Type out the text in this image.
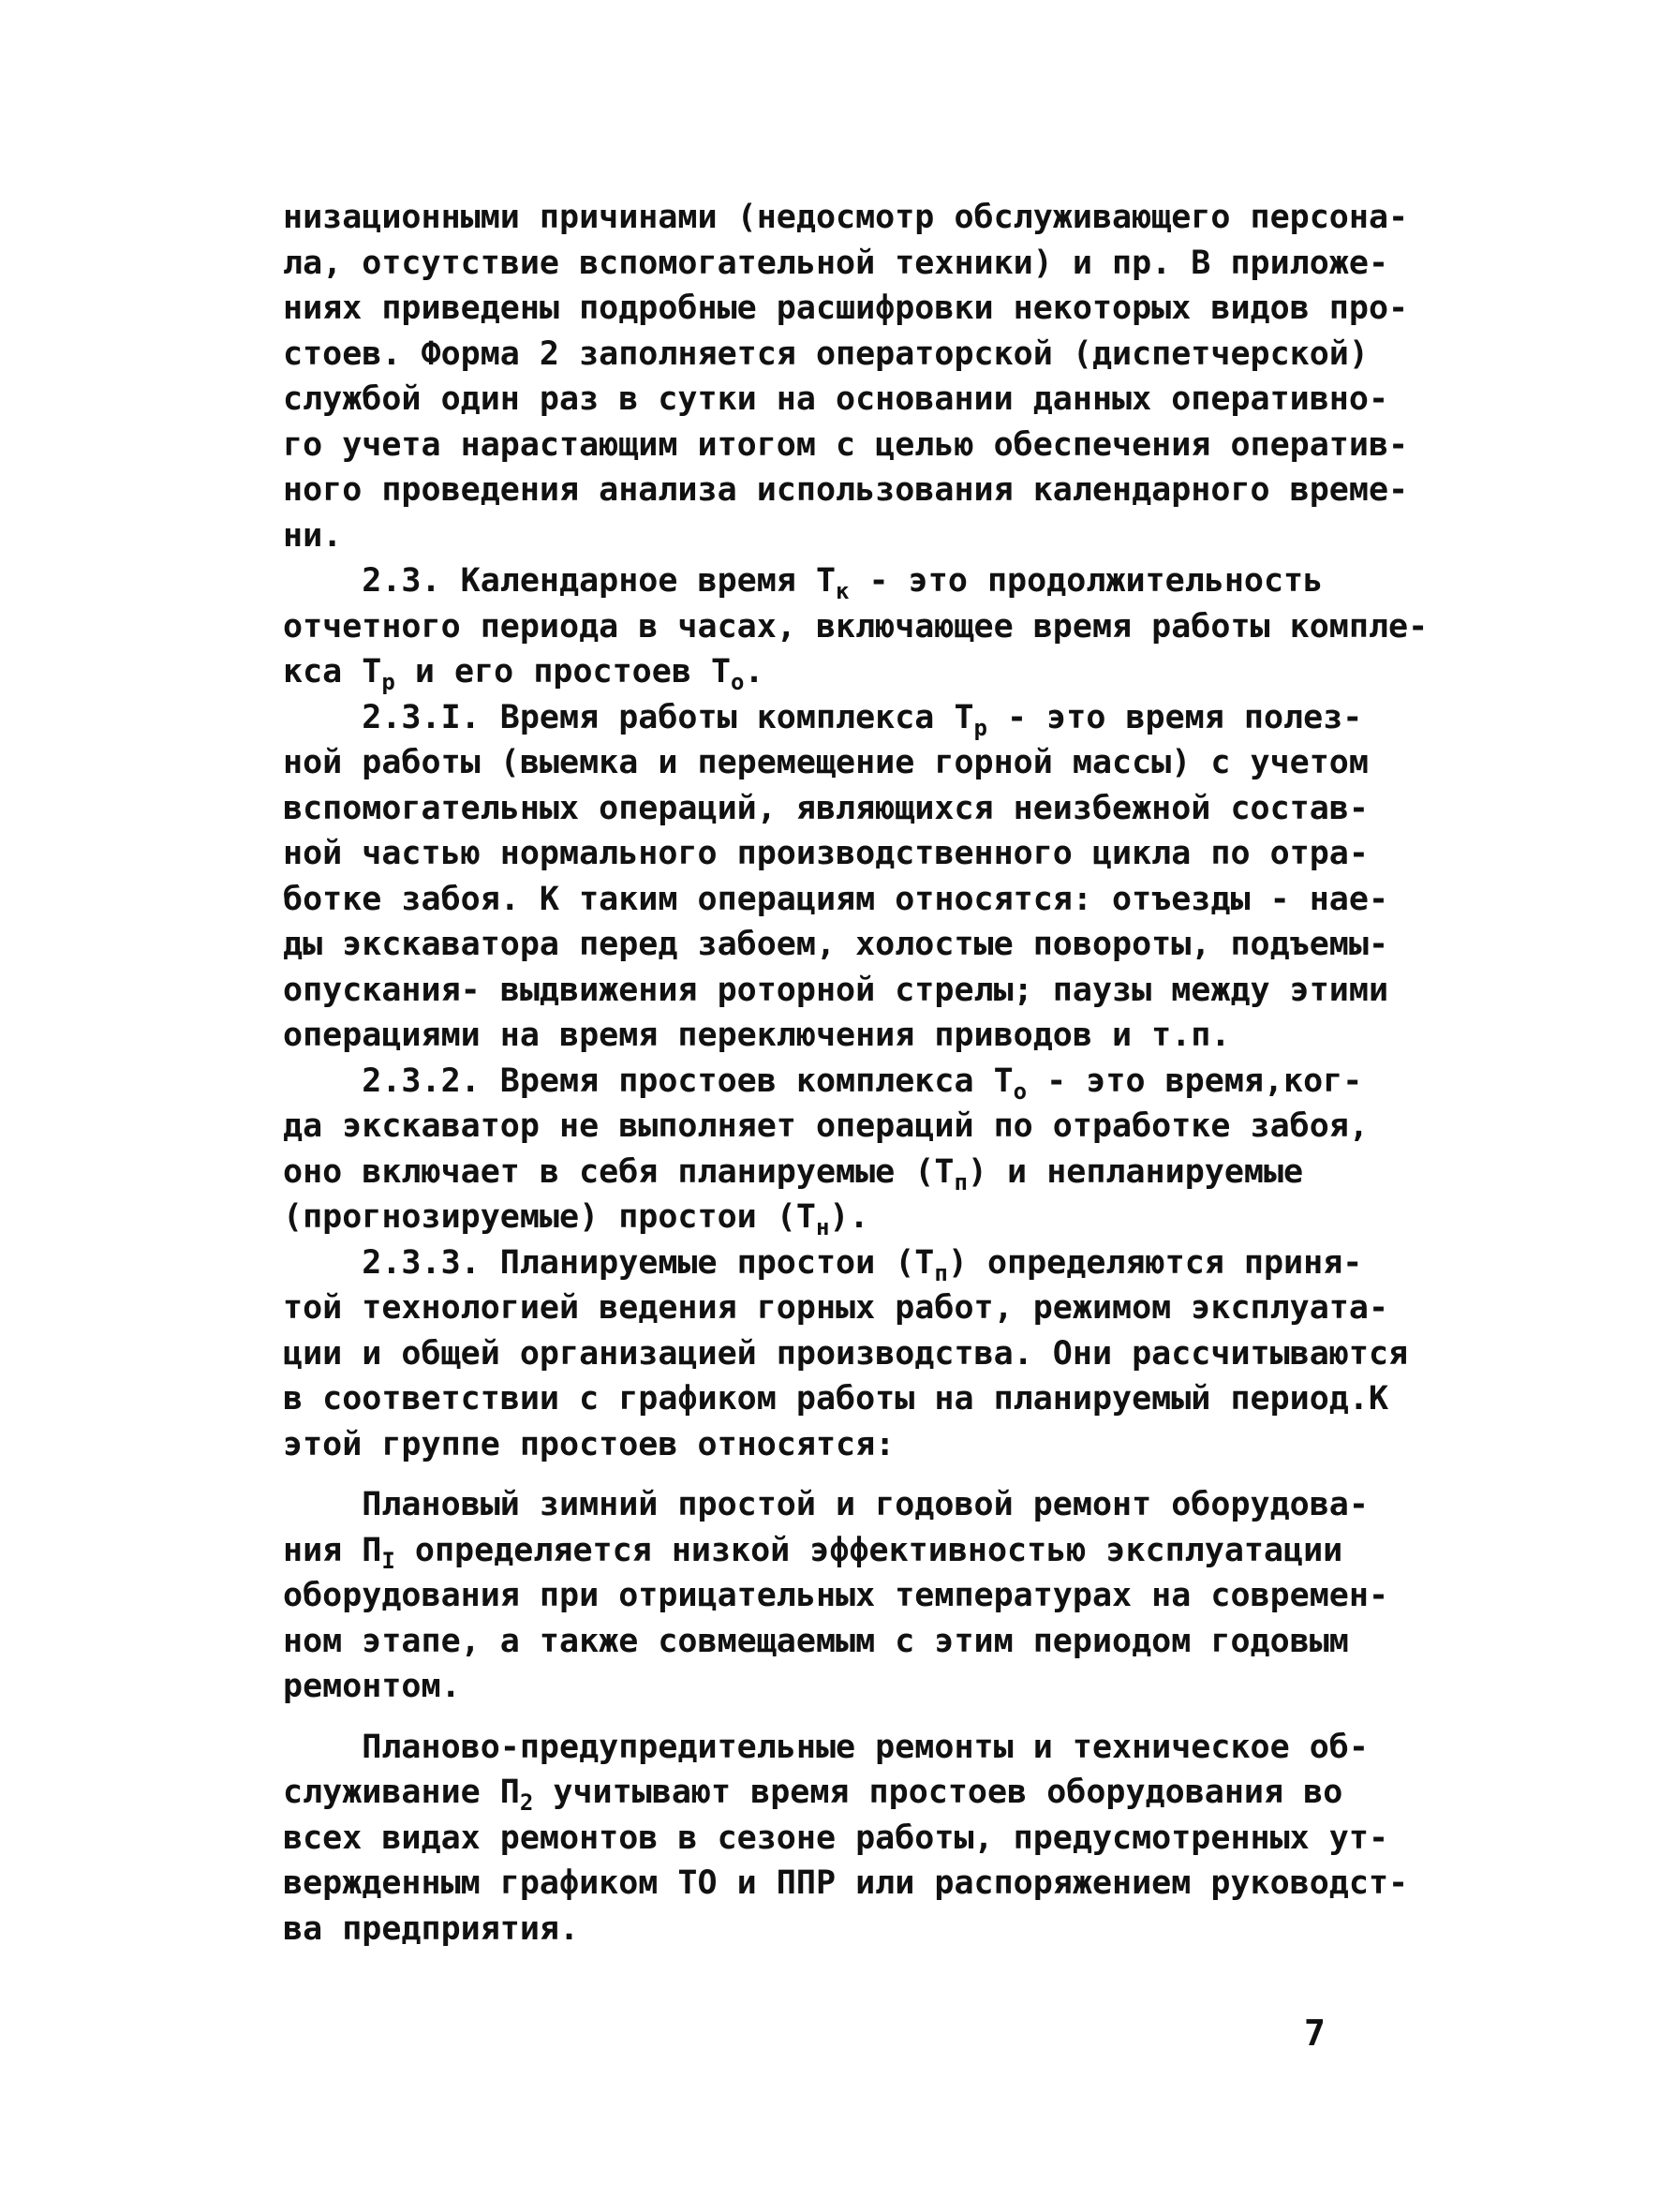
низационными причинами (недосмотр обслуживающего персона-
ла, отсутствие вспомогательной техники) и пр. В приложе-
ниях приведены подробные расшифровки некоторых видов про-
стоев. Форма 2 заполняется операторской (диспетчерской)
службой один раз в сутки на основании данных оперативно-
го учета нарастающим итогом с целью обеспечения оператив-
ного проведения анализа использования календарного време-
ни.
2.3. Календарное время $Т_к$ - это продолжительность
отчетного периода в часах, включающее время работы комплe-
кса $Т_р$ и его простоев $Т_о$.
2.3.I. Время работы комплекса $Т_р$ - это время полез-
ной работы (выемка и перемещение горной массы) с учетом
вспомогательных операций, являющихся неизбежной состав-
ной частью нормального производственного цикла по отра-
ботке забоя. К таким операциям относятся: отъезды - нае-
ды экскаватора перед забоем, холостые повороты, подъемы-
опускания- выдвижения роторной стрелы; паузы между этими
операциями на время переключения приводов и т.п.
2.3.2. Время простоев комплекса $Т_о$ - это время,ког-
да экскаватор не выполняет операций по отработке забоя,
оно включает в себя планируемые $(Т_п)$ и непланируемые
(прогнозируемые) простои $(Т_н)$.
2.3.3. Планируемые простои $(Т_п)$ определяются приня-
той технологией ведения горных работ, режимом эксплуата-
ции и общей организацией производства. Они рассчитываются
в соответствии с графиком работы на планируемый период.К
этой группе простоев относятся:
Плановый зимний простой и годовой ремонт оборудова-
ния $П_I$ определяется низкой эффективностью эксплуатации
оборудования при отрицательных температурах на современ-
ном этапе, а также совмещаемым с этим периодом годовым
ремонтом.
Планово-предупредительные ремонты и техническое об-
служивание $П_2$ учитывают время простоев оборудования во
всех видах ремонтов в сезоне работы, предусмотренных ут-
вержденным графиком ТО и ППР или распоряжением руководст-
ва предприятия.
7
